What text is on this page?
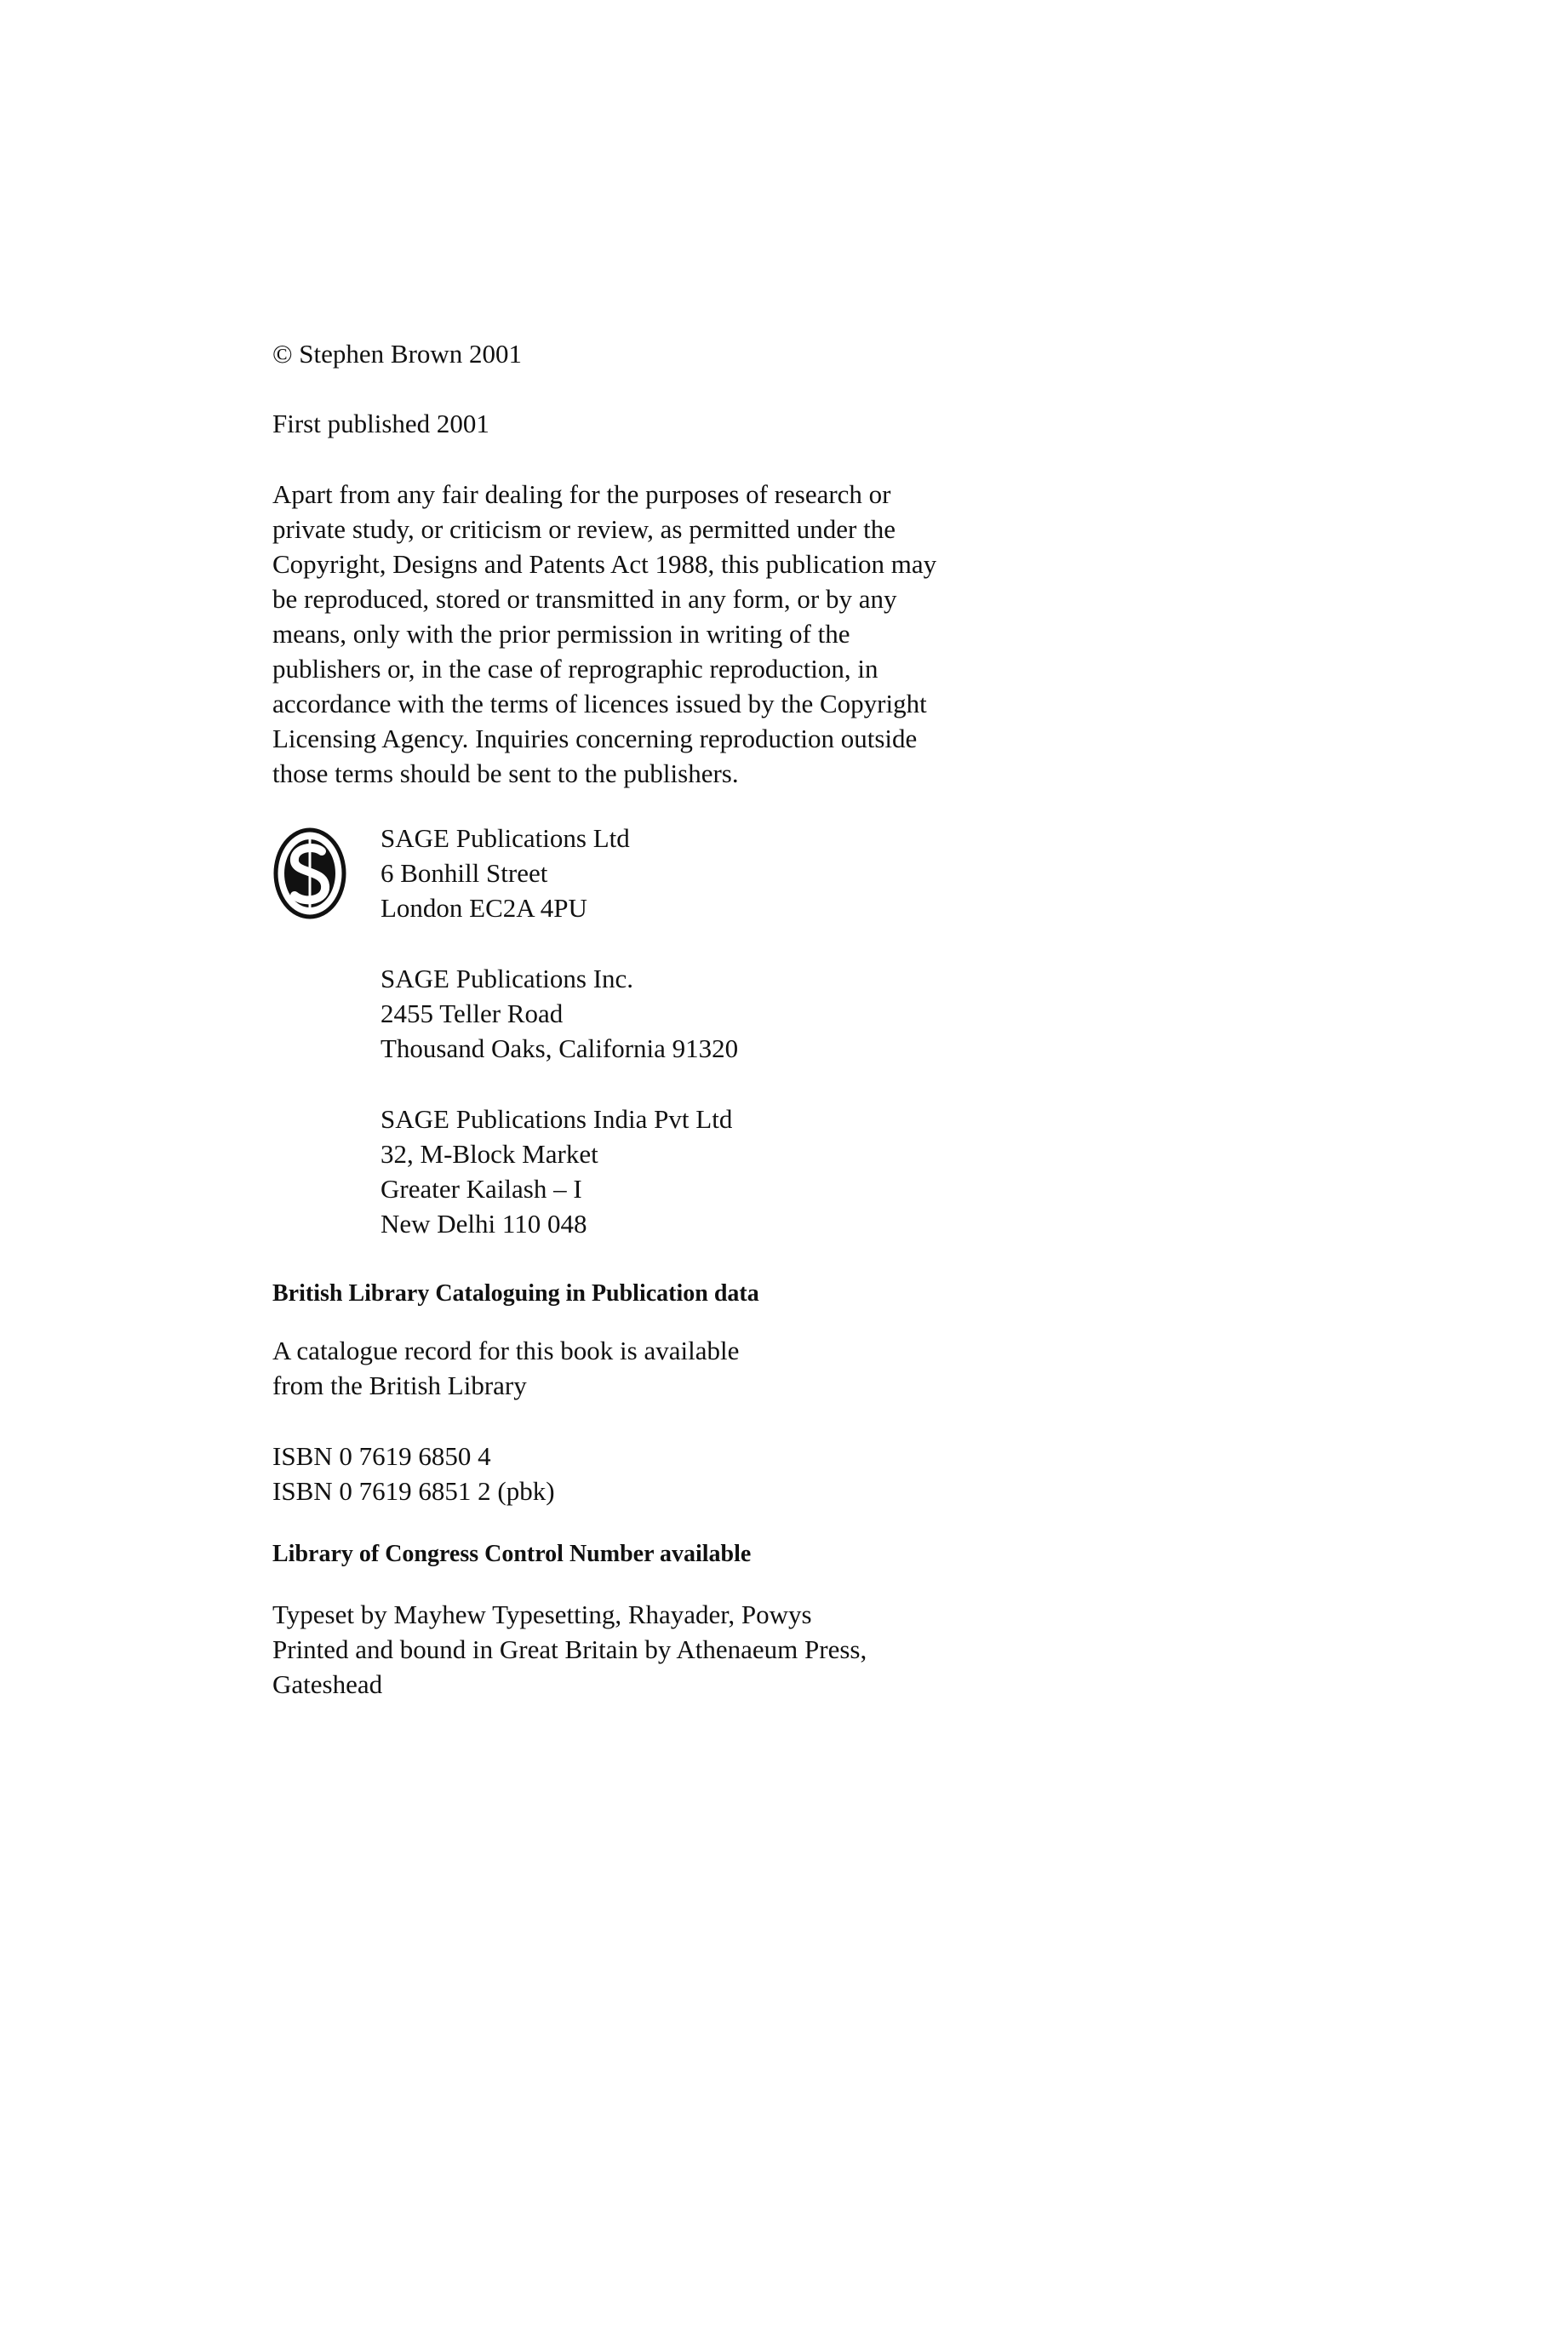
© Stephen Brown 2001
First published 2001
Apart from any fair dealing for the purposes of research or
private study, or criticism or review, as permitted under the
Copyright, Designs and Patents Act 1988, this publication may
be reproduced, stored or transmitted in any form, or by any
means, only with the prior permission in writing of the
publishers or, in the case of reprographic reproduction, in
accordance with the terms of licences issued by the Copyright
Licensing Agency. Inquiries concerning reproduction outside
those terms should be sent to the publishers.
SAGE Publications Ltd
6 Bonhill Street
London EC2A 4PU
SAGE Publications Inc.
2455 Teller Road
Thousand Oaks, California 91320
SAGE Publications India Pvt Ltd
32, M-Block Market
Greater Kailash – I
New Delhi 110 048
British Library Cataloguing in Publication data
A catalogue record for this book is available
from the British Library
ISBN 0 7619 6850 4
ISBN 0 7619 6851 2 (pbk)
Library of Congress Control Number available
Typeset by Mayhew Typesetting, Rhayader, Powys
Printed and bound in Great Britain by Athenaeum Press,
Gateshead
